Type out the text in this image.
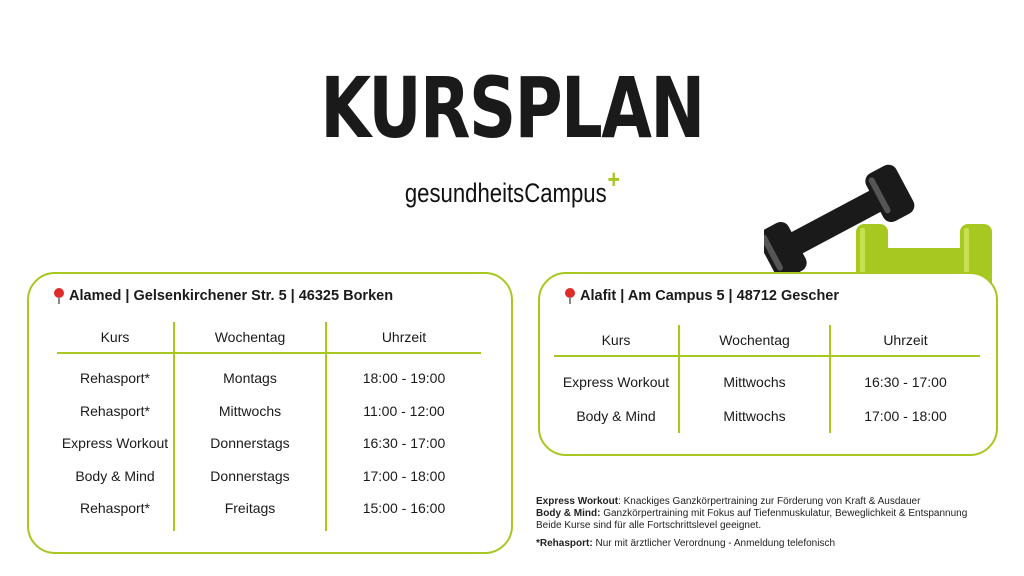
KURSPLAN
gesundheitsCampus+
Alamed | Gelsenkirchener Str. 5 | 46325 Borken
Kurs	Wochentag	Uhrzeit
Rehasport*	Montags	18:00 - 19:00
Rehasport*	Mittwochs	11:00 - 12:00
Express Workout	Donnerstags	16:30 - 17:00
Body & Mind	Donnerstags	17:00 - 18:00
Rehasport*	Freitags	15:00 - 16:00
Alafit | Am Campus 5 | 48712 Gescher
Kurs	Wochentag	Uhrzeit
Express Workout	Mittwochs	16:30 - 17:00
Body & Mind	Mittwochs	17:00 - 18:00
Express Workout: Knackiges Ganzkörpertraining zur Förderung von Kraft & Ausdauer
Body & Mind: Ganzkörpertraining mit Fokus auf Tiefenmuskulatur, Beweglichkeit & Entspannung
Beide Kurse sind für alle Fortschrittslevel geeignet.
*Rehasport: Nur mit ärztlicher Verordnung - Anmeldung telefonisch
